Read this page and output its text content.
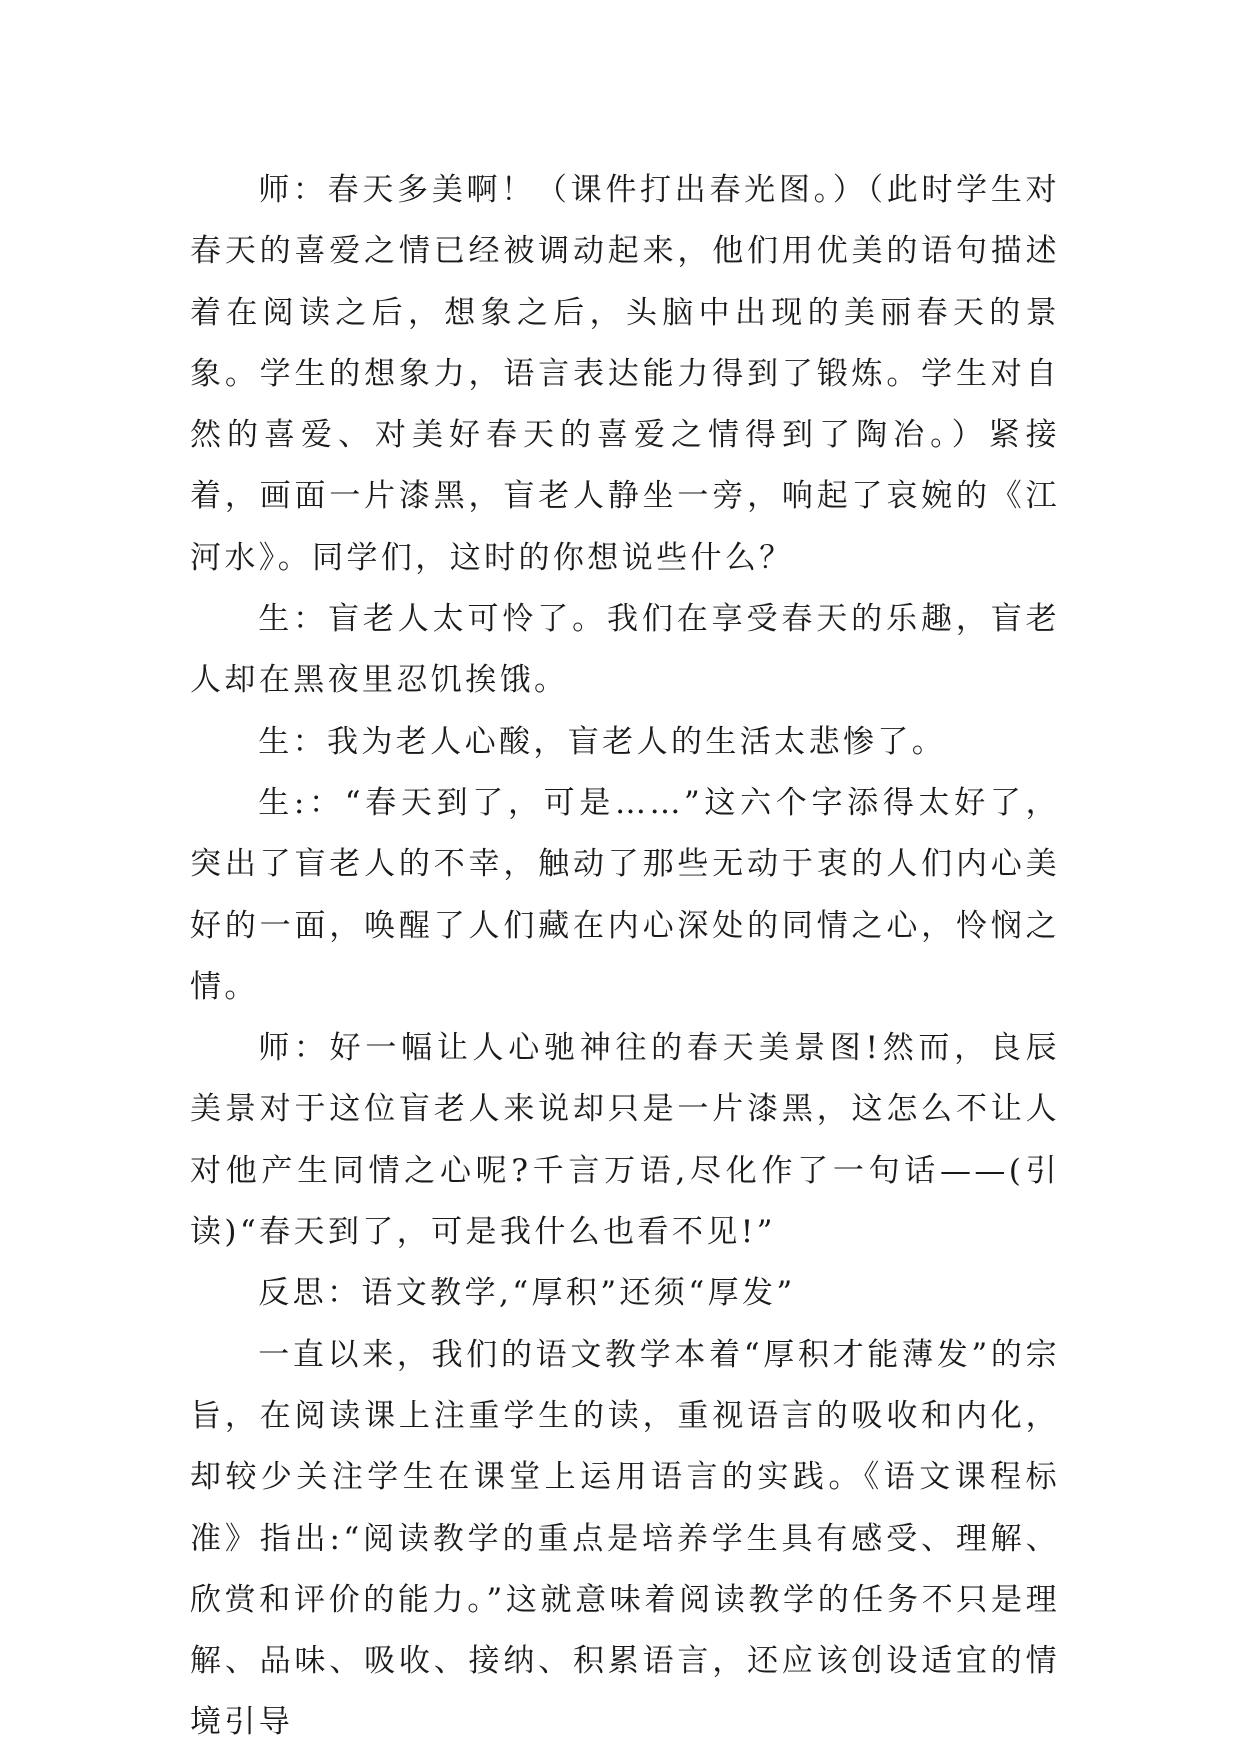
师：春天多美啊！（课件打出春光图。）（此时学生对春天的喜爱之情已经被调动起来，他们用优美的语句描述着在阅读之后，想象之后，头脑中出现的美丽春天的景象。学生的想象力，语言表达能力得到了锻炼。学生对自然的喜爱、对美好春天的喜爱之情得到了陶冶。）紧接着，画面一片漆黑，盲老人静坐一旁，响起了哀婉的《江河水》。同学们，这时的你想说些什么？

生：盲老人太可怜了。我们在享受春天的乐趣，盲老人却在黑夜里忍饥挨饿。

生：我为老人心酸，盲老人的生活太悲惨了。

生:：“春天到了，可是……”这六个字添得太好了，突出了盲老人的不幸，触动了那些无动于衷的人们内心美好的一面，唤醒了人们藏在内心深处的同情之心，怜悯之情。

师：好一幅让人心驰神往的春天美景图!然而，良辰美景对于这位盲老人来说却只是一片漆黑，这怎么不让人对他产生同情之心呢?千言万语,尽化作了一句话——(引读)“春天到了，可是我什么也看不见!”

反思：语文教学,“厚积”还须“厚发”

一直以来，我们的语文教学本着“厚积才能薄发”的宗旨，在阅读课上注重学生的读，重视语言的吸收和内化，却较少关注学生在课堂上运用语言的实践。《语文课程标准》指出:“阅读教学的重点是培养学生具有感受、理解、欣赏和评价的能力。”这就意味着阅读教学的任务不只是理解、品味、吸收、接纳、积累语言，还应该创设适宜的情境引导
